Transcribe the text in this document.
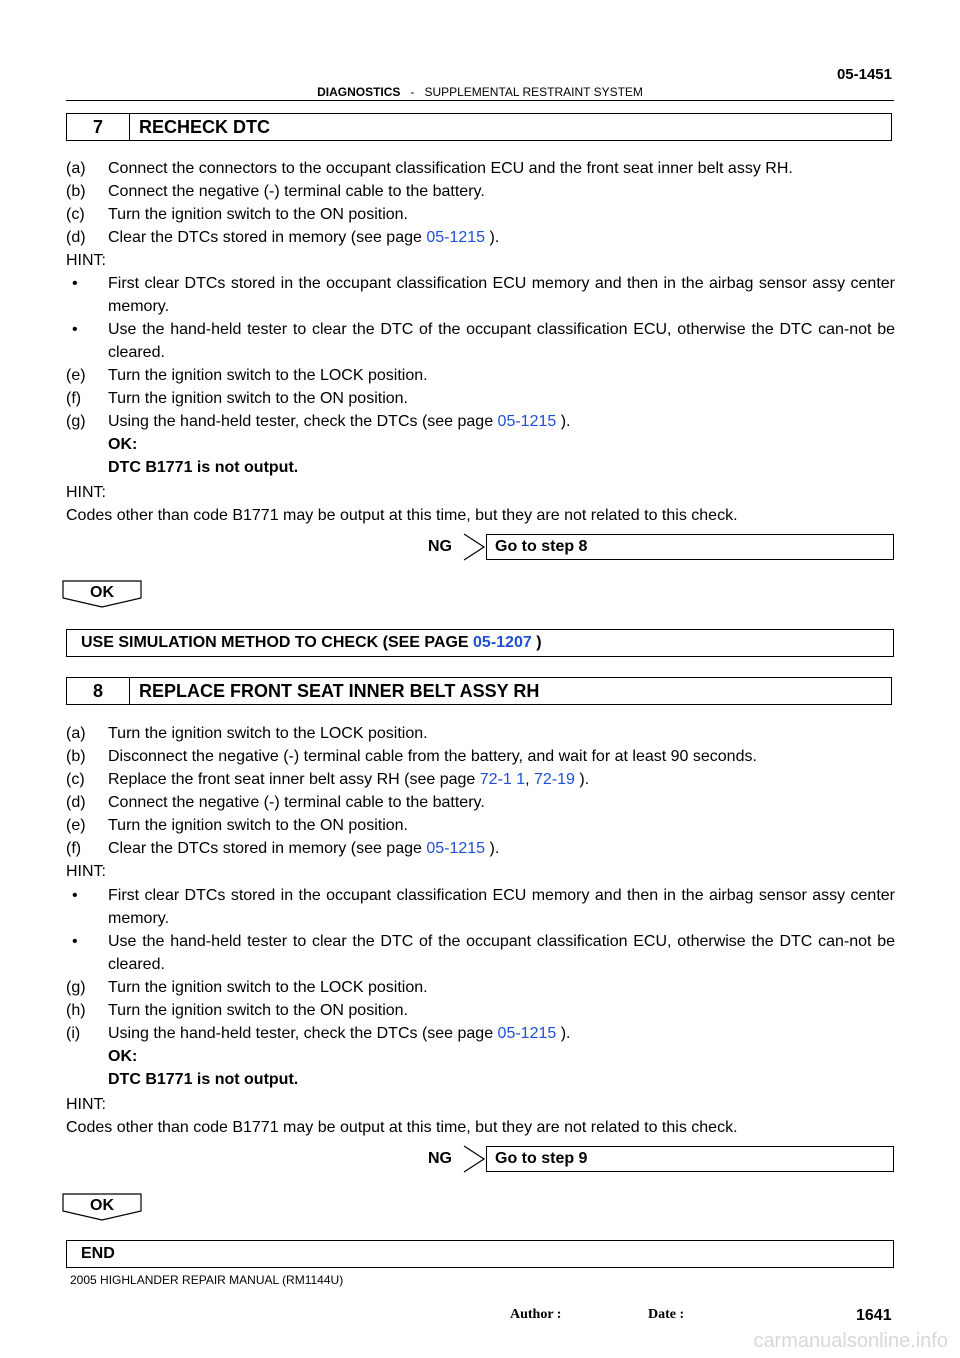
05-1451
DIAGNOSTICS - SUPPLEMENTAL RESTRAINT SYSTEM
7	RECHECK DTC
(a) Connect the connectors to the occupant classification ECU and the front seat inner belt assy RH.
(b) Connect the negative (-) terminal cable to the battery.
(c) Turn the ignition switch to the ON position.
(d) Clear the DTCs stored in memory (see page 05-1215 ).
HINT:
• First clear DTCs stored in the occupant classification ECU memory and then in the airbag sensor assy center memory.
• Use the hand-held tester to clear the DTC of the occupant classification ECU, otherwise the DTC can-not be cleared.
(e) Turn the ignition switch to the LOCK position.
(f) Turn the ignition switch to the ON position.
(g) Using the hand-held tester, check the DTCs (see page 05-1215 ).
OK:
DTC B1771 is not output.
HINT:
Codes other than code B1771 may be output at this time, but they are not related to this check.
NG	Go to step 8
OK
USE SIMULATION METHOD TO CHECK (SEE PAGE 05-1207 )
8	REPLACE FRONT SEAT INNER BELT ASSY RH
(a) Turn the ignition switch to the LOCK position.
(b) Disconnect the negative (-) terminal cable from the battery, and wait for at least 90 seconds.
(c) Replace the front seat inner belt assy RH (see page 72-1 1, 72-19 ).
(d) Connect the negative (-) terminal cable to the battery.
(e) Turn the ignition switch to the ON position.
(f) Clear the DTCs stored in memory (see page 05-1215 ).
HINT:
• First clear DTCs stored in the occupant classification ECU memory and then in the airbag sensor assy center memory.
• Use the hand-held tester to clear the DTC of the occupant classification ECU, otherwise the DTC can-not be cleared.
(g) Turn the ignition switch to the LOCK position.
(h) Turn the ignition switch to the ON position.
(i) Using the hand-held tester, check the DTCs (see page 05-1215 ).
OK:
DTC B1771 is not output.
HINT:
Codes other than code B1771 may be output at this time, but they are not related to this check.
NG	Go to step 9
OK
END
2005 HIGHLANDER REPAIR MANUAL (RM1144U)
Author :	Date :	1641
carmanualsonline.info
